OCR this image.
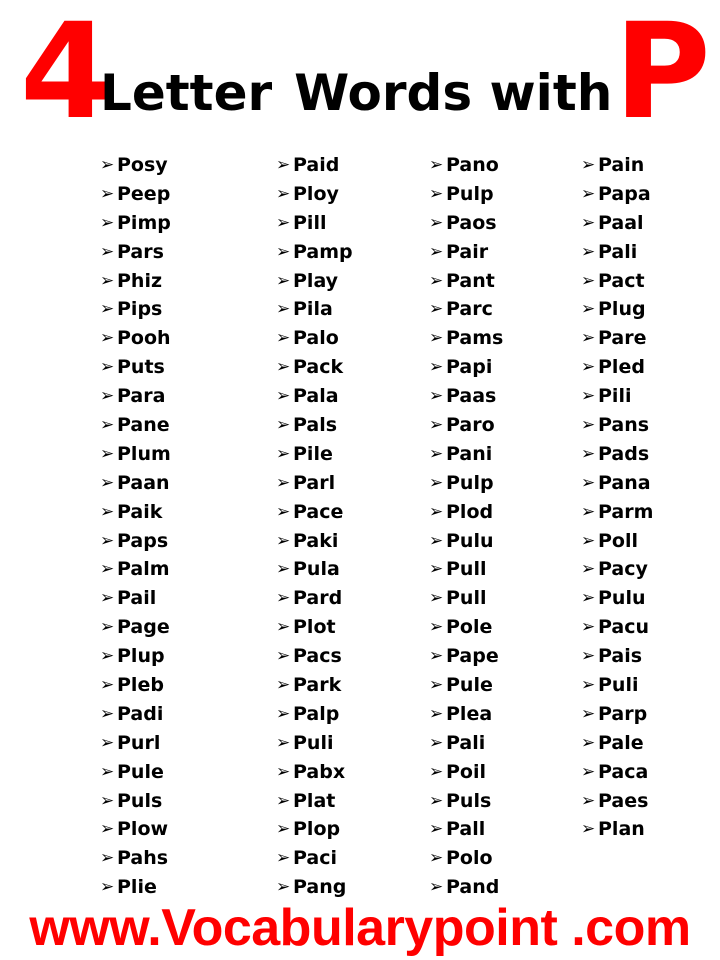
4
Letter Words with P
➢ Posy
➢ Peep
➢ Pimp
➢ Pars
➢ Phiz
➢ Pips
➢ Pooh
➢ Puts
➢ Para
➢ Pane
➢ Plum
➢ Paan
➢ Paik
➢ Paps
➢ Palm
➢ Pail
➢ Page
➢ Plup
➢ Pleb
➢ Padi
➢ Purl
➢ Pule
➢ Puls
➢ Plow
➢ Pahs
➢ Plie
➢ Paid
➢ Ploy
➢ Pill
➢ Pamp
➢ Play
➢ Pila
➢ Palo
➢ Pack
➢ Pala
➢ Pals
➢ Pile
➢ Parl
➢ Pace
➢ Paki
➢ Pula
➢ Pard
➢ Plot
➢ Pacs
➢ Park
➢ Palp
➢ Puli
➢ Pabx
➢ Plat
➢ Plop
➢ Paci
➢ Pang
➢ Pano
➢ Pulp
➢ Paos
➢ Pair
➢ Pant
➢ Parc
➢ Pams
➢ Papi
➢ Paas
➢ Paro
➢ Pani
➢ Pulp
➢ Plod
➢ Pulu
➢ Pull
➢ Pull
➢ Pole
➢ Pape
➢ Pule
➢ Plea
➢ Pali
➢ Poil
➢ Puls
➢ Pall
➢ Polo
➢ Pand
➢ Pain
➢ Papa
➢ Paal
➢ Pali
➢ Pact
➢ Plug
➢ Pare
➢ Pled
➢ Pili
➢ Pans
➢ Pads
➢ Pana
➢ Parm
➢ Poll
➢ Pacy
➢ Pulu
➢ Pacu
➢ Pais
➢ Puli
➢ Parp
➢ Pale
➢ Paca
➢ Paes
➢ Plan
www.Vocabularypoint .com
